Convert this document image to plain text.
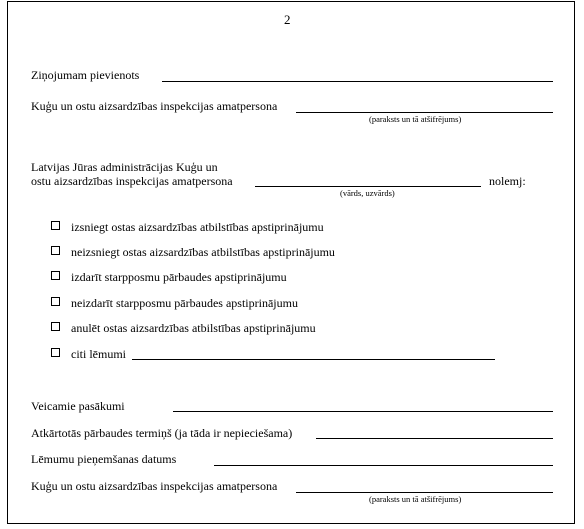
2
Ziņojumam pievienots
Kuģu un ostu aizsardzības inspekcijas amatpersona
(paraksts un tā atšifrējums)
Latvijas Jūras administrācijas Kuģu un
ostu aizsardzības inspekcijas amatpersona
(vārds, uzvārds)
nolemj:
izsniegt ostas aizsardzības atbilstības apstiprinājumu
neizsniegt ostas aizsardzības atbilstības apstiprinājumu
izdarīt starpposmu pārbaudes apstiprinājumu
neizdarīt starpposmu pārbaudes apstiprinājumu
anulēt ostas aizsardzības atbilstības apstiprinājumu
citi lēmumi
Veicamie pasākumi
Atkārtotās pārbaudes termiņš (ja tāda ir nepieciešama)
Lēmumu pieņemšanas datums
Kuģu un ostu aizsardzības inspekcijas amatpersona
(paraksts un tā atšifrējums)
